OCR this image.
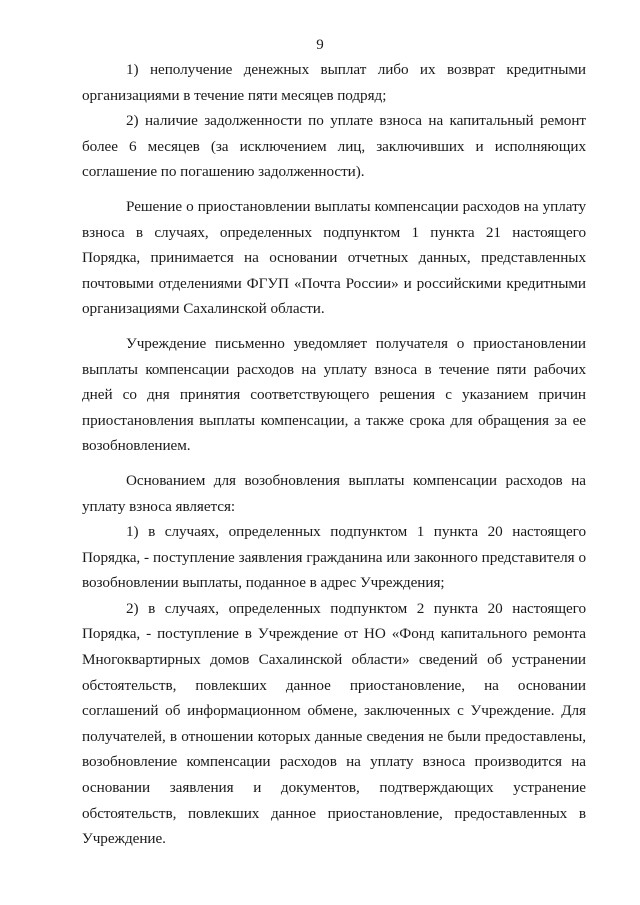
9

1) неполучение денежных выплат либо их возврат кредитными организациями в течение пяти месяцев подряд;

2) наличие задолженности по уплате взноса на капитальный ремонт более 6 месяцев (за исключением лиц, заключивших и исполняющих соглашение по погашению задолженности).

Решение о приостановлении выплаты компенсации расходов на уплату взноса в случаях, определенных подпунктом 1 пункта 21 настоящего Порядка, принимается на основании отчетных данных, представленных почтовыми отделениями ФГУП «Почта России» и российскими кредитными организациями Сахалинской области.

Учреждение письменно уведомляет получателя о приостановлении выплаты компенсации расходов на уплату взноса в течение пяти рабочих дней со дня принятия соответствующего решения с указанием причин приостановления выплаты компенсации, а также срока для обращения за ее возобновлением.

Основанием для возобновления выплаты компенсации расходов на уплату взноса является:

1) в случаях, определенных подпунктом 1 пункта 20 настоящего Порядка, - поступление заявления гражданина или законного представителя о возобновлении выплаты, поданное в адрес Учреждения;

2) в случаях, определенных подпунктом 2 пункта 20 настоящего Порядка, - поступление в Учреждение от НО «Фонд капитального ремонта Многоквартирных домов Сахалинской области» сведений об устранении обстоятельств, повлекших данное приостановление, на основании соглашений об информационном обмене, заключенных с Учреждение. Для получателей, в отношении которых данные сведения не были предоставлены, возобновление компенсации расходов на уплату взноса производится на основании заявления и документов, подтверждающих устранение обстоятельств, повлекших данное приостановление, предоставленных в Учреждение.
